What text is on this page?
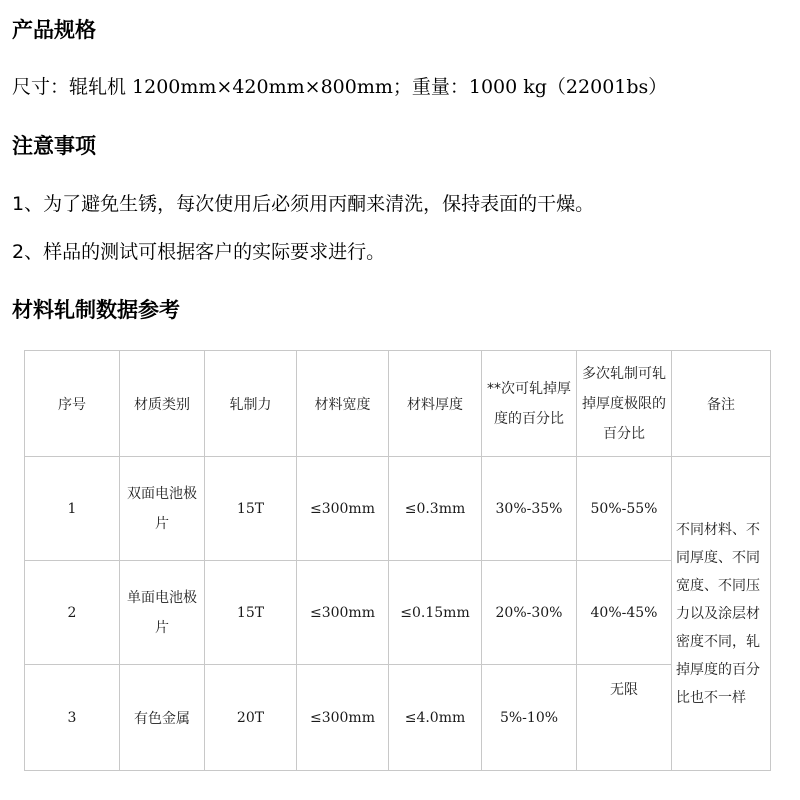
产品规格

尺寸：辊轧机 1200mm×420mm×800mm；重量：1000 kg（22001bs）

注意事项

1、为了避免生锈，每次使用后必须用丙酮来清洗，保持表面的干燥。

2、样品的测试可根据客户的实际要求进行。

材料轧制数据参考
序号	材质类别	轧制力	材料宽度	材料厚度	**次可轧掉厚度的百分比	多次轧制可轧掉厚度极限的百分比	备注
1	双面电池极片	15T	≤300mm	≤0.3mm	30%-35%	50%-55%	不同材料、不同厚度、不同宽度、不同压力以及涂层材密度不同，轧掉厚度的百分比也不一样
2	单面电池极片	15T	≤300mm	≤0.15mm	20%-30%	40%-45%	
3	有色金属	20T	≤300mm	≤4.0mm	5%-10%	无限	
